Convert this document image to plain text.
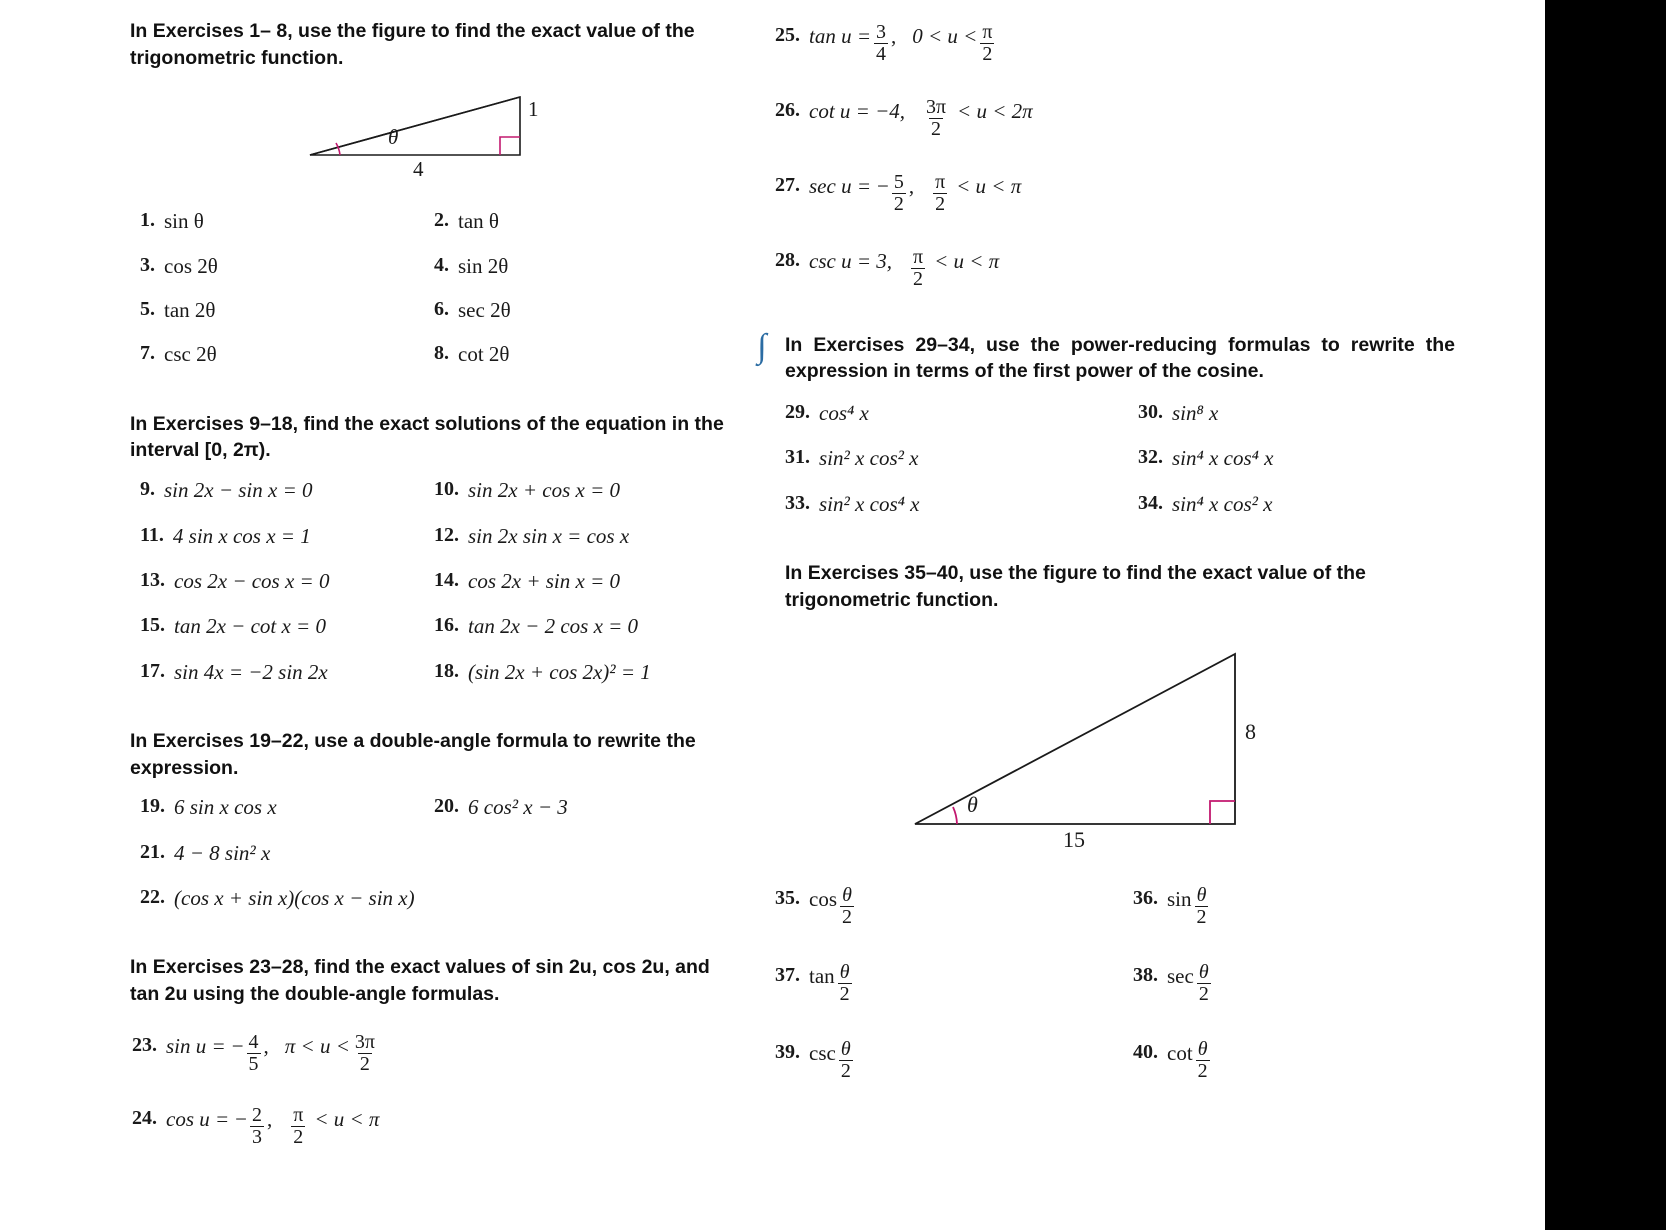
In Exercises 1– 8, use the figure to find the exact value of the trigonometric function.

θ
4
1
1. sin θ	2. tan θ
3. cos 2θ	4. sin 2θ
5. tan 2θ	6. sec 2θ
7. csc 2θ	8. cot 2θ

In Exercises 9–18, find the exact solutions of the equation in the interval [0, 2π).

9. sin 2x − sin x = 0	10. sin 2x + cos x = 0
11. 4 sin x cos x = 1	12. sin 2x sin x = cos x
13. cos 2x − cos x = 0	14. cos 2x + sin x = 0
15. tan 2x − cot x = 0	16. tan 2x − 2 cos x = 0
17. sin 4x = −2 sin 2x	18. (sin 2x + cos 2x)² = 1

In Exercises 19–22, use a double-angle formula to rewrite the expression.

19. 6 sin x cos x	20. 6 cos² x − 3
21. 4 − 8 sin² x
22. (cos x + sin x)(cos x − sin x)

In Exercises 23–28, find the exact values of sin 2u, cos 2u, and tan 2u using the double-angle formulas.

23. sin u = − $\frac{4}{5}$ , $\pi < u < \frac{3\pi}{2}$
24. cos u = − $\frac{2}{3}$ , $\frac{\pi}{2} < u < \pi$
25. $\tan u = \frac{3}{4}$ , $0 < u < \frac{\pi}{2}$
26. cot u = −4, $\frac{3\pi}{2} < u < 2\pi$
27. sec u = − $\frac{5}{2}$ , $\frac{\pi}{2} < u < \pi$
28. csc u = 3, $\frac{\pi}{2} < u < \pi$
∫ In Exercises 29–34, use the power-reducing formulas to rewrite the expression in terms of the first power of the cosine.

29. cos⁴ x	30. sin⁸ x
31. sin² x cos² x	32. sin⁴ x cos⁴ x
33. sin² x cos⁴ x	34. sin⁴ x cos² x

In Exercises 35–40, use the figure to find the exact value of the trigonometric function.

θ
15
8
35. $\cos \frac{\theta}{2}$	36. $\sin \frac{\theta}{2}$
37. $\tan \frac{\theta}{2}$	38. $\sec \frac{\theta}{2}$
39. $\csc \frac{\theta}{2}$	40. $\cot \frac{\theta}{2}$
